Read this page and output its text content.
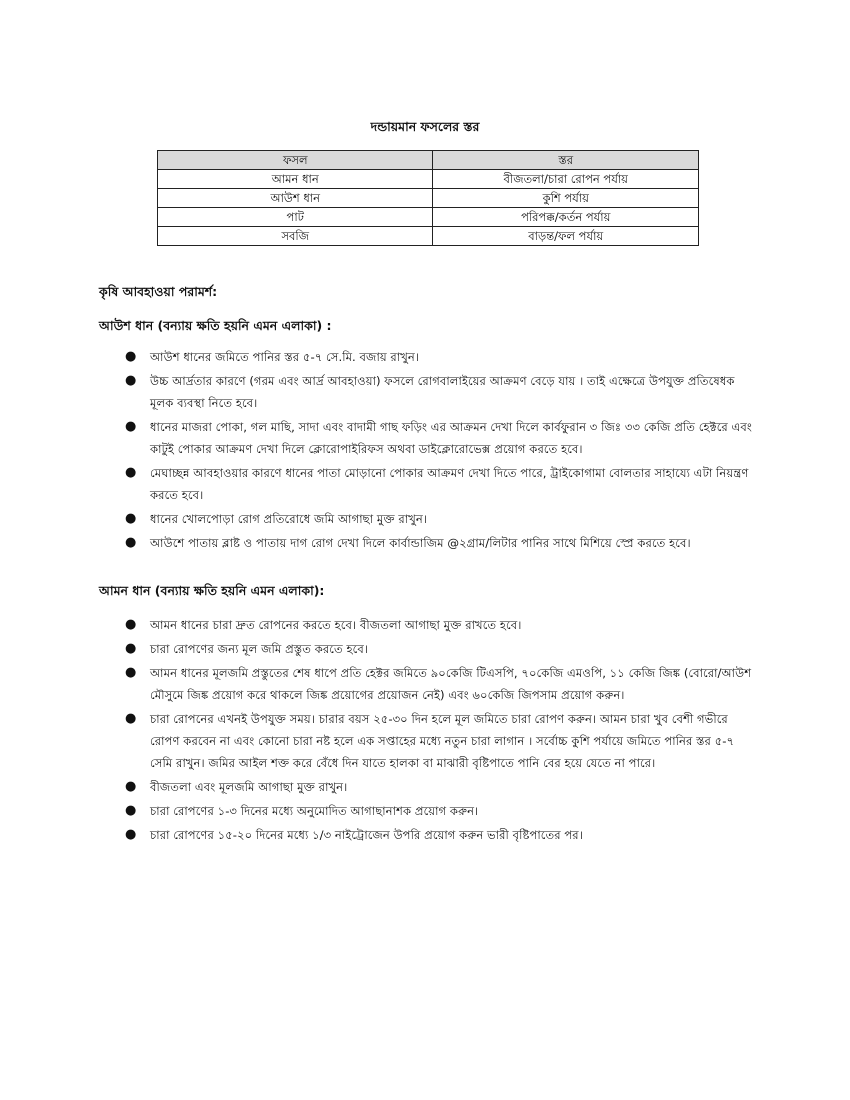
দন্ডায়মান ফসলের স্তর
ফসল	স্তর
আমন ধান	বীজতলা/চারা রোপন পর্যায়
আউশ ধান	কুশি পর্যায়
পাট	পরিপক্ক/কর্তন পর্যায়
সবজি	বাড়ন্ত/ফল পর্যায়
কৃষি আবহাওয়া পরামর্শ:
আউশ ধান (বন্যায় ক্ষতি হয়নি এমন এলাকা) :
● আউশ ধানের জমিতে পানির স্তর ৫-৭ সে.মি. বজায় রাখুন।
● উচ্চ আর্দ্রতার কারণে (গরম এবং আর্দ্র আবহাওয়া) ফসলে রোগবালাইয়ের আক্রমণ বেড়ে যায় । তাই এক্ষেত্রে উপযুক্ত প্রতিষেধক মূলক ব্যবস্থা নিতে হবে।
● ধানের মাজরা পোকা, গল মাছি, সাদা এবং বাদামী গাছ ফড়িং এর আক্রমন দেখা দিলে কার্বফুরান ৩ জিঃ ৩৩ কেজি প্রতি হেক্টরে এবং কাটুই পোকার আক্রমণ দেখা দিলে ক্লোরোপাইরিফস অথবা ডাইক্লোরোভেক্স প্রয়োগ করতে হবে।
● মেঘাচ্ছন্ন আবহাওয়ার কারণে ধানের পাতা মোড়ানো পোকার আক্রমণ দেখা দিতে পারে, ট্রাইকোগামা বোলতার সাহায্যে এটা নিয়ন্ত্রণ করতে হবে।
● ধানের খোলপোড়া রোগ প্রতিরোধে জমি আগাছা মুক্ত রাখুন।
● আউশে পাতায় ব্লাষ্ট ও পাতায় দাগ রোগ দেখা দিলে কার্বান্ডাজিম @২গ্রাম/লিটার পানির সাথে মিশিয়ে স্প্রে করতে হবে।
আমন ধান (বন্যায় ক্ষতি হয়নি এমন এলাকা):
● আমন ধানের চারা দ্রুত রোপনের করতে হবে। বীজতলা আগাছা মুক্ত রাখতে হবে।
● চারা রোপণের জন্য মূল জমি প্রস্তুত করতে হবে।
● আমন ধানের মূলজমি প্রস্তুতের শেষ ধাপে প্রতি হেক্টর জমিতে ৯০কেজি টিএসপি, ৭০কেজি এমওপি, ১১ কেজি জিঙ্ক (বোরো/আউশ মৌসুমে জিঙ্ক প্রয়োগ করে থাকলে জিঙ্ক প্রয়োগের প্রয়োজন নেই) এবং ৬০কেজি জিপসাম প্রয়োগ করুন।
● চারা রোপনের এখনই উপযুক্ত সময়। চারার বয়স ২৫-৩০ দিন হলে মূল জমিতে চারা রোপণ করুন। আমন চারা খুব বেশী গভীরে রোপণ করবেন না এবং কোনো চারা নষ্ট হলে এক সপ্তাহের মধ্যে নতুন চারা লাগান । সর্বোচ্চ কুশি পর্যায়ে জমিতে পানির স্তর ৫-৭ সেমি রাখুন। জমির আইল শক্ত করে বেঁধে দিন যাতে হালকা বা মাঝারী বৃষ্টিপাতে পানি বের হয়ে যেতে না পারে।
● বীজতলা এবং মূলজমি আগাছা মুক্ত রাখুন।
● চারা রোপণের ১-৩ দিনের মধ্যে অনুমোদিত আগাছানাশক প্রয়োগ করুন।
● চারা রোপণের ১৫-২০ দিনের মধ্যে ১/৩ নাইট্রোজেন উপরি প্রয়োগ করুন ভারী বৃষ্টিপাতের পর।
